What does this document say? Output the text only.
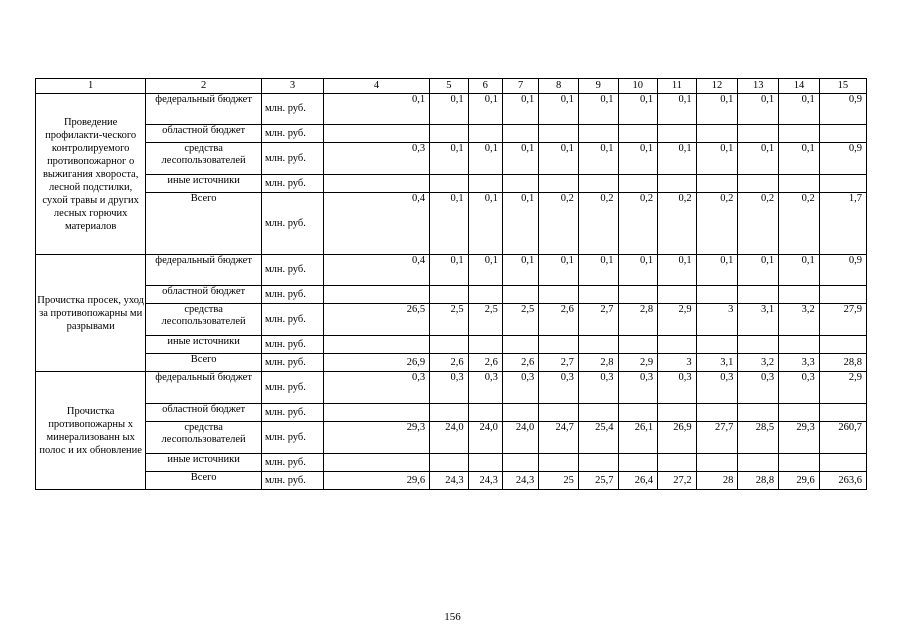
1	2	3	4	5	6	7	8	9	10	11	12	13	14	15
Проведение профилакти-ческого контролируемого противопожарног о выжигания хвороста, лесной подстилки, сухой травы и других лесных горючих материалов	федеральный бюджет	млн. руб.	0,1	0,1	0,1	0,1	0,1	0,1	0,1	0,1	0,1	0,1	0,1	0,9
	областной бюджет	млн. руб.												
	средства лесопользователей	млн. руб.	0,3	0,1	0,1	0,1	0,1	0,1	0,1	0,1	0,1	0,1	0,1	0,9
	иные источники	млн. руб.												
	Всего	млн. руб.	0,4	0,1	0,1	0,1	0,2	0,2	0,2	0,2	0,2	0,2	0,2	1,7
Прочистка просек, уход за противопожарны ми разрывами	федеральный бюджет	млн. руб.	0,4	0,1	0,1	0,1	0,1	0,1	0,1	0,1	0,1	0,1	0,1	0,9
	областной бюджет	млн. руб.												
	средства лесопользователей	млн. руб.	26,5	2,5	2,5	2,5	2,6	2,7	2,8	2,9	3	3,1	3,2	27,9
	иные источники	млн. руб.												
	Всего	млн. руб.	26,9	2,6	2,6	2,6	2,7	2,8	2,9	3	3,1	3,2	3,3	28,8
Прочистка противопожарны х минерализованн ых полос и их обновление	федеральный бюджет	млн. руб.	0,3	0,3	0,3	0,3	0,3	0,3	0,3	0,3	0,3	0,3	0,3	2,9
	областной бюджет	млн. руб.												
	средства лесопользователей	млн. руб.	29,3	24,0	24,0	24,0	24,7	25,4	26,1	26,9	27,7	28,5	29,3	260,7
	иные источники	млн. руб.												
	Всего	млн. руб.	29,6	24,3	24,3	24,3	25	25,7	26,4	27,2	28	28,8	29,6	263,6
156
